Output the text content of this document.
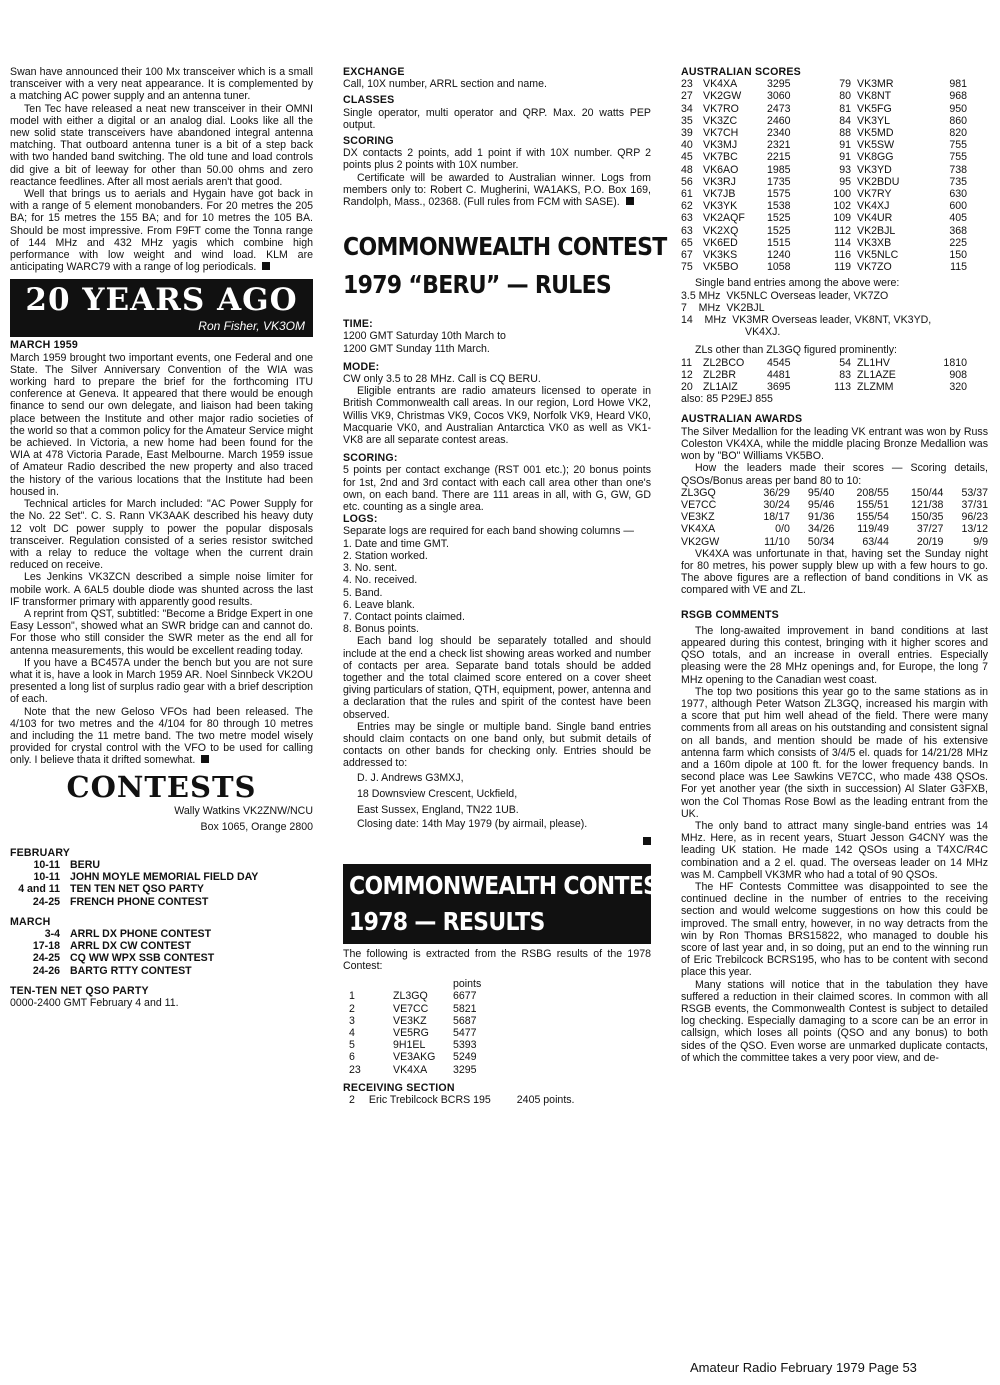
Swan have announced their 100 Mx transceiver which is a small transceiver with a very neat appearance. It is complemented by a matching AC power supply and an antenna tuner.

Ten Tec have released a neat new transceiver in their OMNI model with either a digital or an analog dial. Looks like all the new solid state transceivers have abandoned integral antenna matching. That outboard antenna tuner is a bit of a step back with two handed band switching. The old tune and load controls did give a bit of leeway for other than 50.00 ohms and zero reactance feedlines. After all most aerials aren't that good.

Well that brings us to aerials and Hygain have got back in with a range of 5 element monobanders. For 20 metres the 205 BA; for 15 metres the 155 BA; and for 10 metres the 105 BA. Should be most impressive. From F9FT come the Tonna range of 144 MHz and 432 MHz yagis which combine high performance with low weight and wind load. KLM are anticipating WARC79 with a range of log periodicals.

20 YEARS AGO
Ron Fisher, VK3OM
MARCH 1959

March 1959 brought two important events, one Federal and one State. The Silver Anniversary Convention of the WIA was working hard to prepare the brief for the forthcoming ITU conference at Geneva. It appeared that there would be enough finance to send our own delegate, and liaison had been taking place between the Institute and other major radio societies of the world so that a common policy for the Amateur Service might be achieved. In Victoria, a new home had been found for the WIA at 478 Victoria Parade, East Melbourne. March 1959 issue of Amateur Radio described the new property and also traced the history of the various locations that the Institute had been housed in.

Technical articles for March included: "AC Power Supply for the No. 22 Set". C. S. Rann VK3AAK described his heavy duty 12 volt DC power supply to power the popular disposals transceiver. Regulation consisted of a series resistor switched with a relay to reduce the voltage when the current drain reduced on receive.

Les Jenkins VK3ZCN described a simple noise limiter for mobile work. A 6AL5 double diode was shunted across the last IF transformer primary with apparently good results.

A reprint from QST, subtitled: "Become a Bridge Expert in one Easy Lesson", showed what an SWR bridge can and cannot do. For those who still consider the SWR meter as the end all for antenna measurements, this would be excellent reading today.

If you have a BC457A under the bench but you are not sure what it is, have a look in March 1959 AR. Noel Sinnbeck VK2OU presented a long list of surplus radio gear with a brief description of each.

Note that the new Geloso VFOs had been released. The 4/103 for two metres and the 4/104 for 80 through 10 metres and including the 11 metre band. The two metre model wisely provided for crystal control with the VFO to be used for calling only. I believe thata it drifted somewhat.

CONTESTS
Wally Watkins VK2ZNW/NCU
Box 1065, Orange 2800
FEBRUARY
10-11	BERU
10-11	JOHN MOYLE MEMORIAL FIELD DAY
4 and 11	TEN TEN NET QSO PARTY
24-25	FRENCH PHONE CONTEST
MARCH
3-4	ARRL DX PHONE CONTEST
17-18	ARRL DX CW CONTEST
24-25	CQ WW WPX SSB CONTEST
24-26	BARTG RTTY CONTEST
TEN-TEN NET QSO PARTY
0000-2400 GMT February 4 and 11.
EXCHANGE

Call, 10X number, ARRL section and name.

CLASSES

Single operator, multi operator and QRP. Max. 20 watts PEP output.

SCORING

DX contacts 2 points, add 1 point if with 10X number. QRP 2 points plus 2 points with 10X number.

Certificate will be awarded to Australian winner. Logs from members only to: Robert C. Mugherini, WA1AKS, P.O. Box 169, Randolph, Mass., 02368. (Full rules from FCM with SASE).

COMMONWEALTH CONTEST
1979 “BERU” — RULES
TIME:
1200 GMT Saturday 10th March to
1200 GMT Sunday 11th March.
MODE:

CW only 3.5 to 28 MHz. Call is CQ BERU.

Eligible entrants are radio amateurs licensed to operate in British Commonwealth call areas. In our region, Lord Howe VK2, Willis VK9, Christmas VK9, Cocos VK9, Norfolk VK9, Heard VK0, Macquarie VK0, and Australian Antarctica VK0 as well as VK1-VK8 are all separate contest areas.

SCORING:

5 points per contact exchange (RST 001 etc.); 20 bonus points for 1st, 2nd and 3rd contact with each call area other than one's own, on each band. There are 111 areas in all, with G, GW, GD etc. counting as a single area.

LOGS:

Separate logs are required for each band showing columns —

1. Date and time GMT.
2. Station worked.
3. No. sent.
4. No. received.
5. Band.
6. Leave blank.
7. Contact points claimed.
8. Bonus points.

Each band log should be separately totalled and should include at the end a check list showing areas worked and number of contacts per area. Separate band totals should be added together and the total claimed score entered on a cover sheet giving particulars of station, QTH, equipment, power, antenna and a declaration that the rules and spirit of the contest have been observed.

Entries may be single or multiple band. Single band entries should claim contacts on one band only, but submit details of contacts on other bands for checking only. Entries should be addressed to:

D. J. Andrews G3MXJ,
18 Downsview Crescent, Uckfield,
East Sussex, England, TN22 1UB.

Closing date: 14th May 1979 (by airmail, please).

COMMONWEALTH CONTEST
1978 — RESULTS

The following is extracted from the RSBG results of the 1978 Contest:

		points
1	ZL3GQ	6677
2	VE7CC	5821
3	VE3KZ	5687
4	VE5RG	5477
5	9H1EL	5393
6	VE3AKG	5249
23	VK4XA	3295
RECEIVING SECTION
2	Eric Trebilcock BCRS 195	2405 points.
AUSTRALIAN SCORES
23	VK4XA	3295	79	VK3MR	981
27	VK2GW	3060	80	VK8NT	968
34	VK7RO	2473	81	VK5FG	950
35	VK3ZC	2460	84	VK3YL	860
39	VK7CH	2340	88	VK5MD	820
40	VK3MJ	2321	91	VK5SW	755
45	VK7BC	2215	91	VK8GG	755
48	VK6AO	1985	93	VK3YD	738
56	VK3RJ	1735	95	VK2BDU	735
61	VK7JB	1575	100	VK7RY	630
62	VK3YK	1538	102	VK4XJ	600
63	VK2AQF	1525	109	VK4UR	405
63	VK2XQ	1525	112	VK2BJL	368
65	VK6ED	1515	114	VK3XB	225
67	VK3KS	1240	116	VK5NLC	150
75	VK5BO	1058	119	VK7ZO	115

Single band entries among the above were:

3.5 MHz  VK5NLC Overseas leader, VK7ZO
7    MHz  VK2BJL
14    MHz  VK3MR Overseas leader, VK8NT, VK3YD,
VK4XJ.

ZLs other than ZL3GQ figured prominently:

11	ZL2BCO	4545	54	ZL1HV	1810
12	ZL2BR	4481	83	ZL1AZE	908
20	ZL1AIZ	3695	113	ZLZMM	320
also: 85 P29EJ 855
AUSTRALIAN AWARDS

The Silver Medallion for the leading VK entrant was won by Russ Coleston VK4XA, while the middle placing Bronze Medallion was won by "BO" Williams VK5BO.

How the leaders made their scores — Scoring details, QSOs/Bonus areas per band 80 to 10:

ZL3GQ	36/29	95/40	208/55	150/44	53/37
VE7CC	30/24	95/46	155/51	121/38	37/31
VE3KZ	18/17	91/36	155/54	150/35	96/23
VK4XA	0/0	34/26	119/49	37/27	13/12
VK2GW	11/10	50/34	63/44	20/19	9/9

VK4XA was unfortunate in that, having set the Sunday night for 80 metres, his power supply blew up with a few hours to go. The above figures are a reflection of band conditions in VK as compared with VE and ZL.

RSGB COMMENTS

The long-awaited improvement in band conditions at last appeared during this contest, bringing with it higher scores and QSO totals, and an increase in overall entries. Especially pleasing were the 28 MHz openings and, for Europe, the long 7 MHz opening to the Canadian west coast.

The top two positions this year go to the same stations as in 1977, although Peter Watson ZL3GQ, increased his margin with a score that put him well ahead of the field. There were many comments from all areas on his outstanding and consistent signal on all bands, and mention should be made of his extensive antenna farm which consists of 3/4/5 el. quads for 14/21/28 MHz and a 160m dipole at 100 ft. for the lower frequency bands. In second place was Lee Sawkins VE7CC, who made 438 QSOs. For yet another year (the sixth in succession) Al Slater G3FXB, won the Col Thomas Rose Bowl as the leading entrant from the UK.

The only band to attract many single-band entries was 14 MHz. Here, as in recent years, Stuart Jesson G4CNY was the leading UK station. He made 142 QSOs using a T4XC/R4C combination and a 2 el. quad. The overseas leader on 14 MHz was M. Campbell VK3MR who had a total of 90 QSOs.

The HF Contests Committee was disappointed to see the continued decline in the number of entries to the receiving section and would welcome suggestions on how this could be improved. The small entry, however, in no way detracts from the win by Ron Thomas BRS15822, who managed to double his score of last year and, in so doing, put an end to the winning run of Eric Trebilcock BCRS195, who has to be content with second place this year.

Many stations will notice that in the tabulation they have suffered a reduction in their claimed scores. In common with all RSGB events, the Commonwealth Contest is subject to detailed log checking. Especially damaging to a score can be an error in callsign, which loses all points (QSO and any bonus) to both sides of the QSO. Even worse are unmarked duplicate contacts, of which the committee takes a very poor view, and de-

Amateur Radio February 1979 Page 53
